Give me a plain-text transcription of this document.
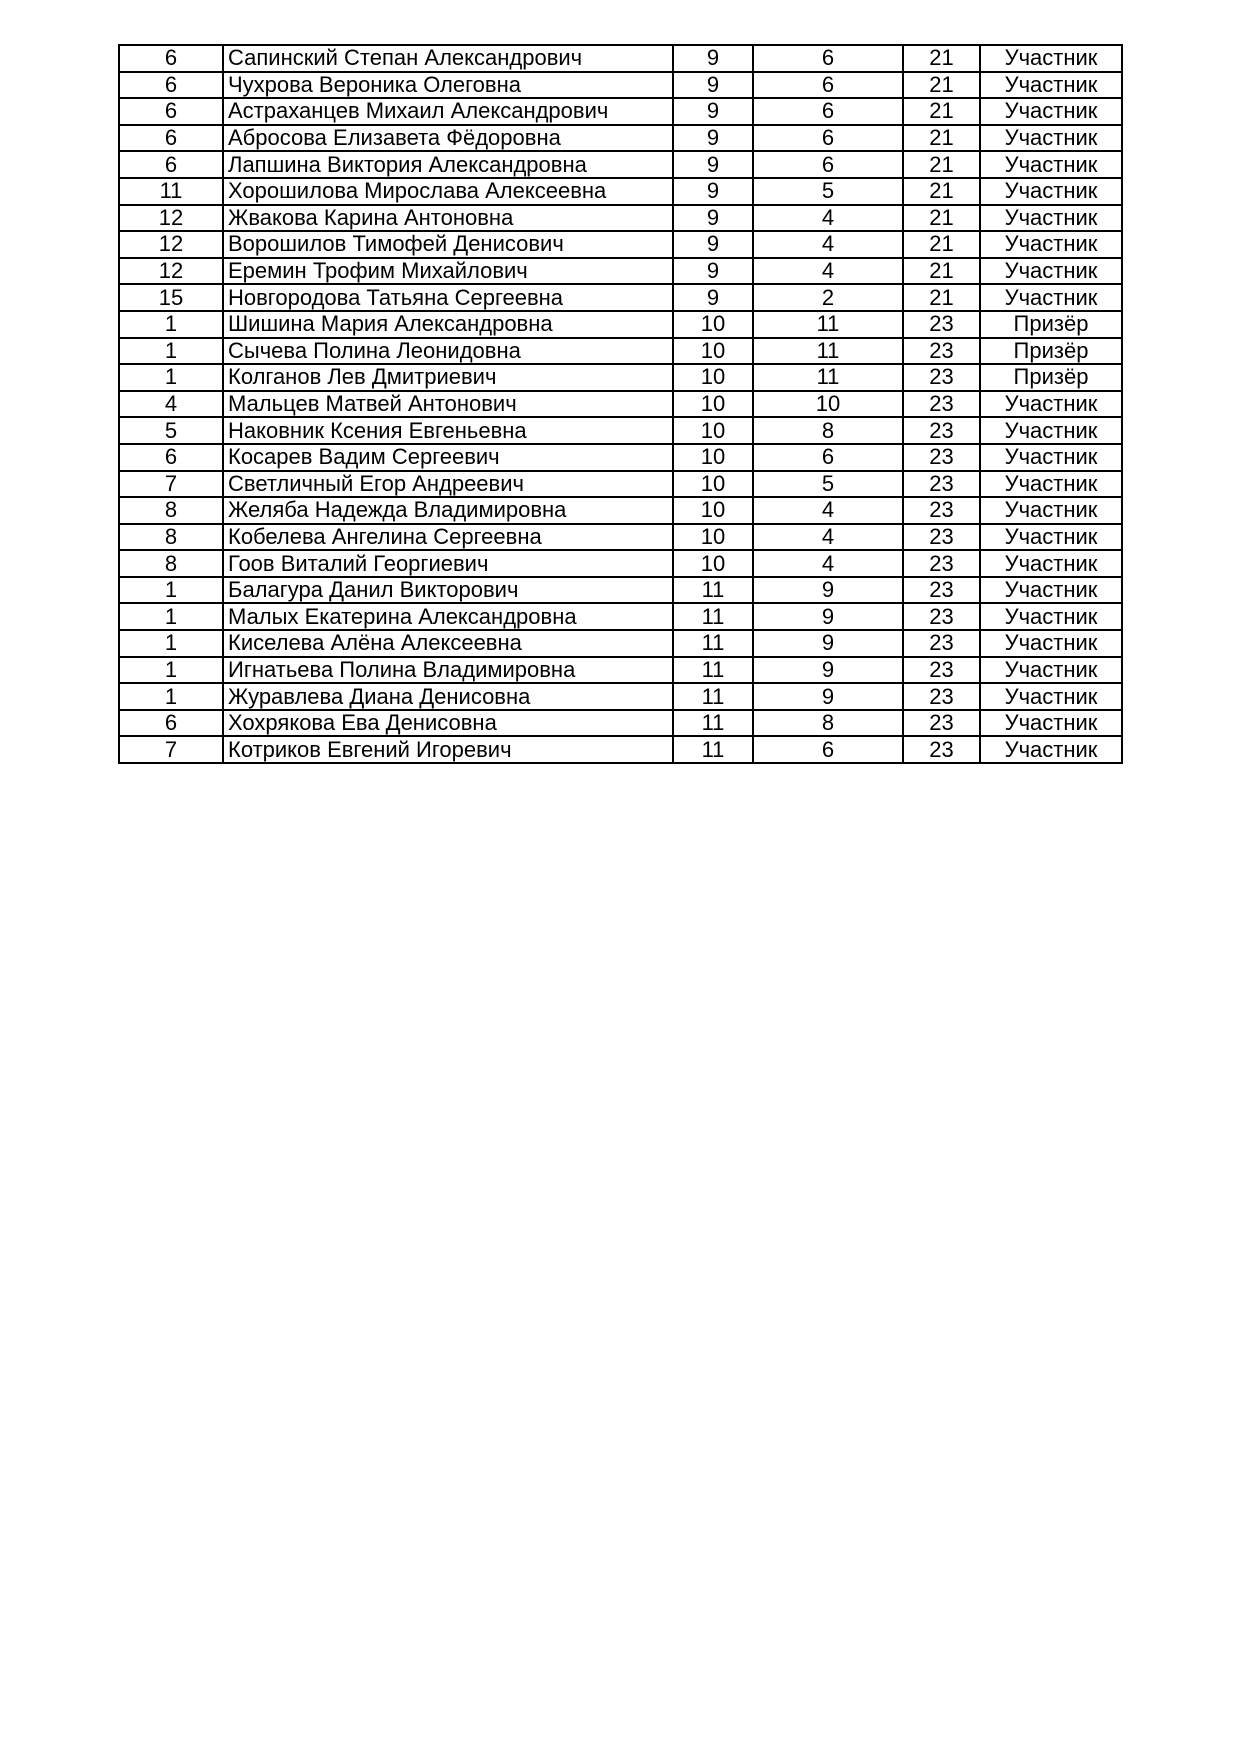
6	Сапинский Степан Александрович	9	6	21	Участник
6	Чухрова Вероника Олеговна	9	6	21	Участник
6	Астраханцев Михаил Александрович	9	6	21	Участник
6	Абросова Елизавета Фёдоровна	9	6	21	Участник
6	Лапшина Виктория Александровна	9	6	21	Участник
11	Хорошилова Мирослава Алексеевна	9	5	21	Участник
12	Жвакова Карина Антоновна	9	4	21	Участник
12	Ворошилов Тимофей Денисович	9	4	21	Участник
12	Еремин Трофим Михайлович	9	4	21	Участник
15	Новгородова Татьяна Сергеевна	9	2	21	Участник
1	Шишина Мария Александровна	10	11	23	Призёр
1	Сычева Полина Леонидовна	10	11	23	Призёр
1	Колганов Лев Дмитриевич	10	11	23	Призёр
4	Мальцев Матвей Антонович	10	10	23	Участник
5	Наковник Ксения Евгеньевна	10	8	23	Участник
6	Косарев Вадим Сергеевич	10	6	23	Участник
7	Светличный Егор Андреевич	10	5	23	Участник
8	Желяба Надежда Владимировна	10	4	23	Участник
8	Кобелева Ангелина Сергеевна	10	4	23	Участник
8	Гоов Виталий Георгиевич	10	4	23	Участник
1	Балагура Данил Викторович	11	9	23	Участник
1	Малых Екатерина Александровна	11	9	23	Участник
1	Киселева Алёна Алексеевна	11	9	23	Участник
1	Игнатьева Полина Владимировна	11	9	23	Участник
1	Журавлева Диана Денисовна	11	9	23	Участник
6	Хохрякова Ева Денисовна	11	8	23	Участник
7	Котриков Евгений Игоревич	11	6	23	Участник
